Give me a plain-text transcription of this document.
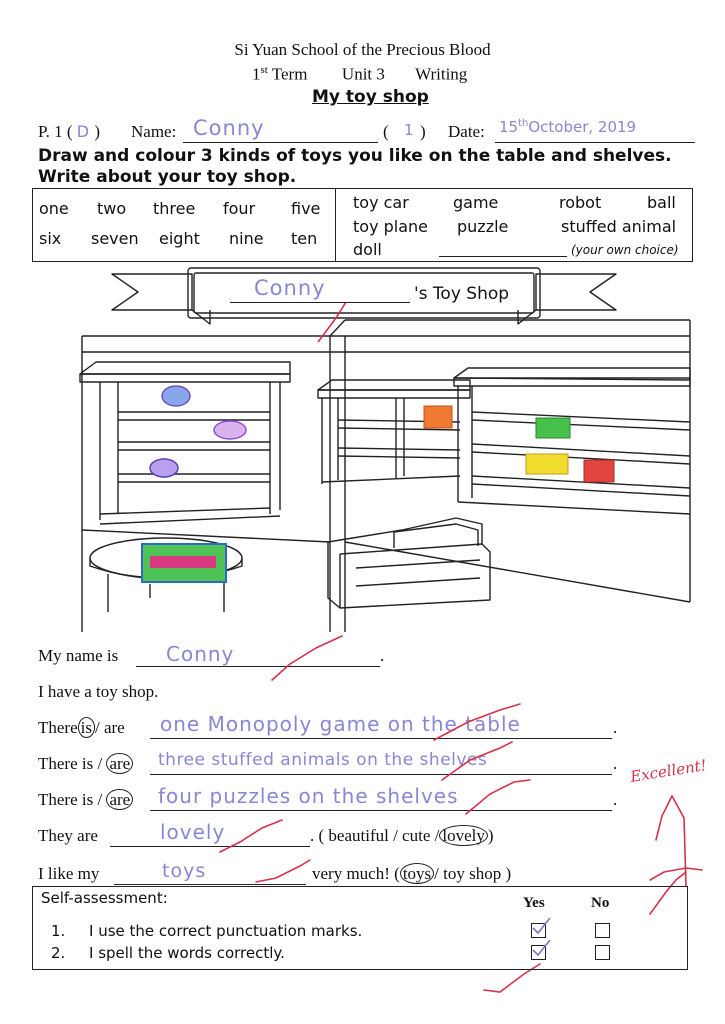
Si Yuan School of the Precious Blood
1st Term Unit 3 Writing
My toy shop
P. 1 ( D ) Name: Conny	( 1 ) Date: 15thOctober, 2019
Draw and colour 3 kinds of toys you like on the table and shelves.
Write about your toy shop.
one two three four five
six seven eight nine ten
toy car	game	robot	ball
toy plane puzzle	stuffed animal
doll	(your own choice)
Conny	's Toy Shop
My name is Conny	.
I have a toy shop.
There is / are one Monopoly game on the table	.
There is / are three stuffed animals on the shelves	.
There is / are four puzzles on the shelves	.
They are	lovely	. ( beautiful / cute / lovely )
I like my	toys	very much! ( toys / toy shop )
Excellent!
Self-assessment:	Yes	No
1. I use the correct punctuation marks.
2. I spell the words correctly.
